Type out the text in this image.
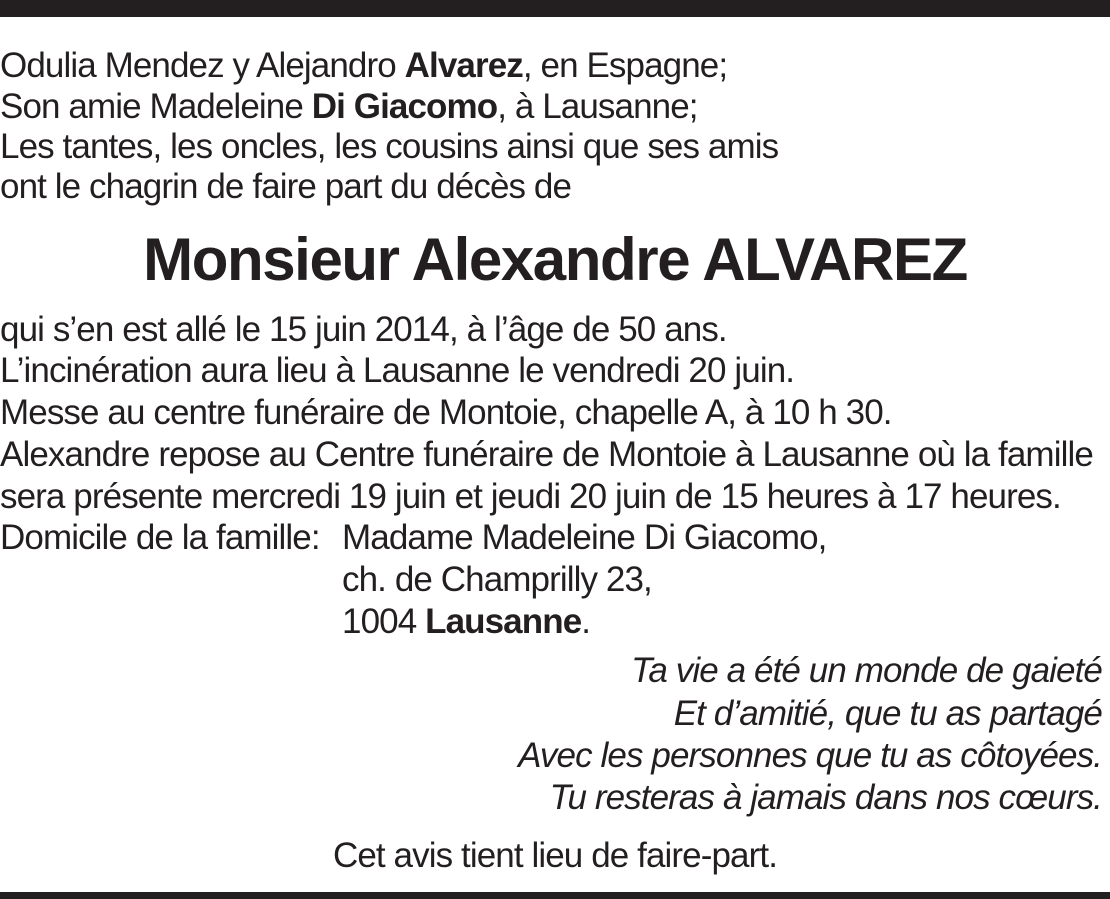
Odulia Mendez y Alejandro Alvarez, en Espagne;
Son amie Madeleine Di Giacomo, à Lausanne;
Les tantes, les oncles, les cousins ainsi que ses amis
ont le chagrin de faire part du décès de
Monsieur Alexandre ALVAREZ
qui s’en est allé le 15 juin 2014, à l’âge de 50 ans.
L’incinération aura lieu à Lausanne le vendredi 20 juin.
Messe au centre funéraire de Montoie, chapelle A, à 10 h 30.
Alexandre repose au Centre funéraire de Montoie à Lausanne où la famille
sera présente mercredi 19 juin et jeudi 20 juin de 15 heures à 17 heures.
Domicile de la famille: Madame Madeleine Di Giacomo,
ch. de Champrilly 23,
1004 Lausanne.
Ta vie a été un monde de gaieté
Et d’amitié, que tu as partagé
Avec les personnes que tu as côtoyées.
Tu resteras à jamais dans nos cœurs.
Cet avis tient lieu de faire-part.
